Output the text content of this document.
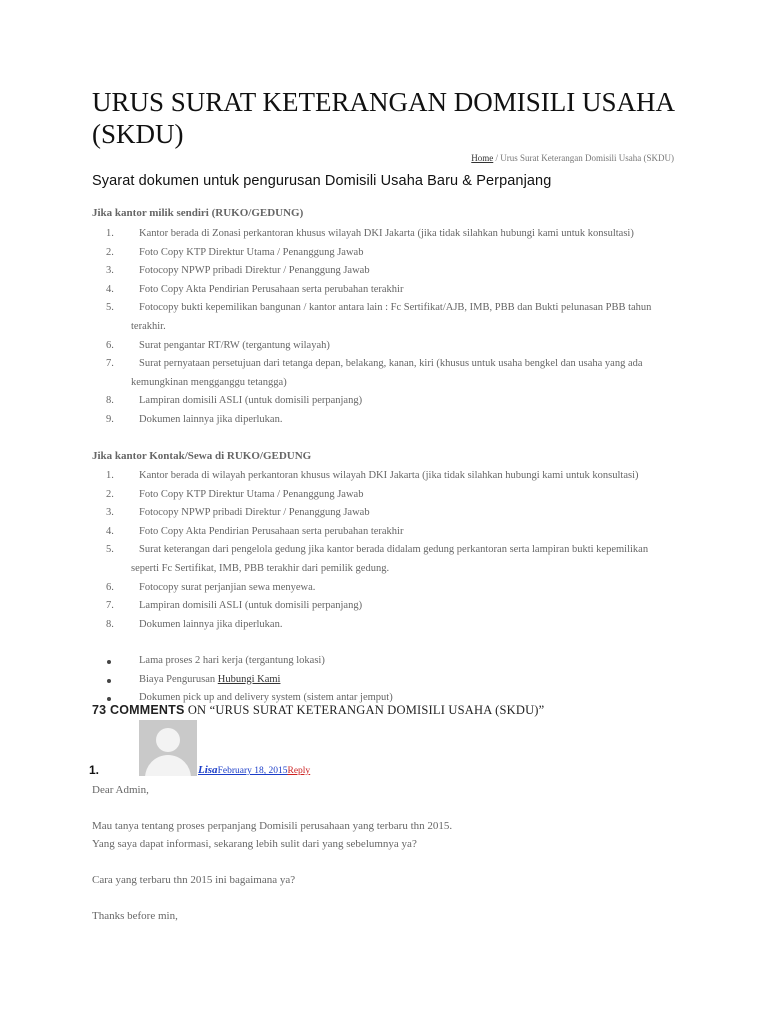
URUS SURAT KETERANGAN DOMISILI USAHA (SKDU)
Home / Urus Surat Keterangan Domisili Usaha (SKDU)
Syarat dokumen untuk pengurusan Domisili Usaha Baru & Perpanjang
Jika kantor milik sendiri (RUKO/GEDUNG)
1.	Kantor berada di Zonasi perkantoran khusus wilayah DKI Jakarta (jika tidak silahkan hubungi kami untuk konsultasi)
2.	Foto Copy KTP Direktur Utama / Penanggung Jawab
3.	Fotocopy NPWP pribadi Direktur / Penanggung Jawab
4.	Foto Copy Akta Pendirian Perusahaan serta perubahan terakhir
5.	Fotocopy bukti kepemilikan bangunan / kantor antara lain : Fc Sertifikat/AJB, IMB, PBB dan Bukti pelunasan PBB tahun terakhir.
6.	Surat pengantar RT/RW (tergantung wilayah)
7.	Surat pernyataan persetujuan dari tetanga depan, belakang, kanan, kiri (khusus untuk usaha bengkel dan usaha yang ada kemungkinan mengganggu tetangga)
8.	Lampiran domisili ASLI (untuk domisili perpanjang)
9.	Dokumen lainnya jika diperlukan.
Jika kantor Kontak/Sewa di RUKO/GEDUNG
1.	Kantor berada di wilayah perkantoran khusus wilayah DKI Jakarta (jika tidak silahkan hubungi kami untuk konsultasi)
2.	Foto Copy KTP Direktur Utama / Penanggung Jawab
3.	Fotocopy NPWP pribadi Direktur / Penanggung Jawab
4.	Foto Copy Akta Pendirian Perusahaan serta perubahan terakhir
5.	Surat keterangan dari pengelola gedung jika kantor berada didalam gedung perkantoran serta lampiran bukti kepemilikan seperti Fc Sertifikat, IMB, PBB terakhir dari pemilik gedung.
6.	Fotocopy surat perjanjian sewa menyewa.
7.	Lampiran domisili ASLI (untuk domisili perpanjang)
8.	Dokumen lainnya jika diperlukan.
Lama proses 2 hari kerja (tergantung lokasi)
Biaya Pengurusan Hubungi Kami
Dokumen pick up and delivery system (sistem antar jemput)
73 COMMENTS ON “URUS SURAT KETERANGAN DOMISILI USAHA (SKDU)”
1.	LisaFebruary 18, 2015Reply

Dear Admin,

Mau tanya tentang proses perpanjang Domisili perusahaan yang terbaru thn 2015.

Yang saya dapat informasi, sekarang lebih sulit dari yang sebelumnya ya?

Cara yang terbaru thn 2015 ini bagaimana ya?

Thanks before min,
